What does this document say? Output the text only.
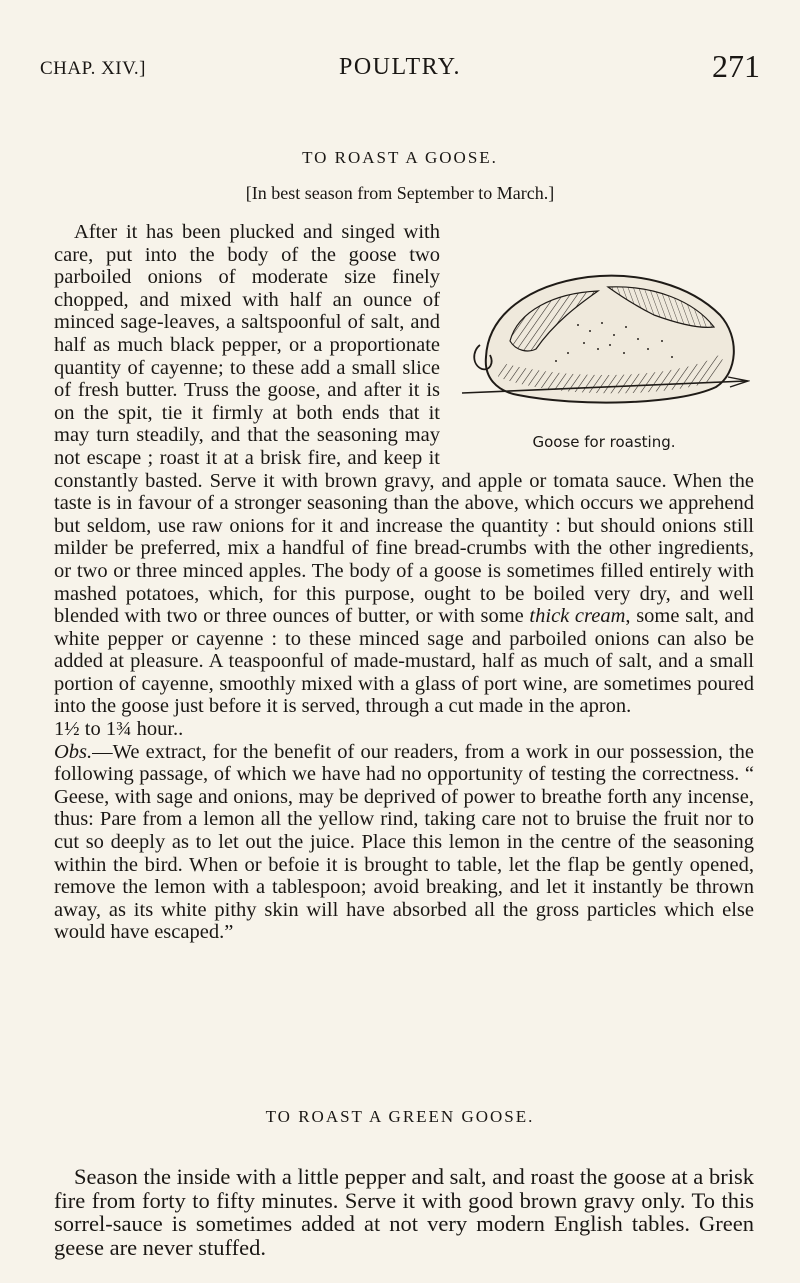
CHAP. XIV.]	POULTRY.	271
TO ROAST A GOOSE.
[In best season from September to March.]
Goose for roasting.

After it has been plucked and singed with care, put into the body of the goose two parboiled onions of moderate size finely chopped, and mixed with half an ounce of minced sage-leaves, a saltspoonful of salt, and half as much black pepper, or a proportionate quantity of cayenne; to these add a small slice of fresh butter. Truss the goose, and after it is on the spit, tie it firmly at both ends that it may turn steadily, and that the seasoning may not escape ; roast it at a brisk fire, and keep it constantly basted. Serve it with brown gravy, and apple or tomata sauce. When the taste is in favour of a stronger seasoning than the above, which occurs we apprehend but seldom, use raw onions for it and increase the quantity : but should onions still milder be preferred, mix a handful of fine bread-crumbs with the other ingredients, or two or three minced apples. The body of a goose is sometimes filled entirely with mashed potatoes, which, for this purpose, ought to be boiled very dry, and well blended with two or three ounces of butter, or with some thick cream, some salt, and white pepper or cayenne : to these minced sage and parboiled onions can also be added at pleasure. A teaspoonful of made-mustard, half as much of salt, and a small portion of cayenne, smoothly mixed with a glass of port wine, are sometimes poured into the goose just before it is served, through a cut made in the apron.

1½ to 1¾ hour..

Obs.—We extract, for the benefit of our readers, from a work in our possession, the following passage, of which we have had no opportunity of testing the correctness. “ Geese, with sage and onions, may be deprived of power to breathe forth any incense, thus: Pare from a lemon all the yellow rind, taking care not to bruise the fruit nor to cut so deeply as to let out the juice. Place this lemon in the centre of the seasoning within the bird. When or befoie it is brought to table, let the flap be gently opened, remove the lemon with a tablespoon; avoid breaking, and let it instantly be thrown away, as its white pithy skin will have absorbed all the gross particles which else would have escaped.”

TO ROAST A GREEN GOOSE.

Season the inside with a little pepper and salt, and roast the goose at a brisk fire from forty to fifty minutes. Serve it with good brown gravy only. To this sorrel-sauce is sometimes added at not very modern English tables. Green geese are never stuffed.
